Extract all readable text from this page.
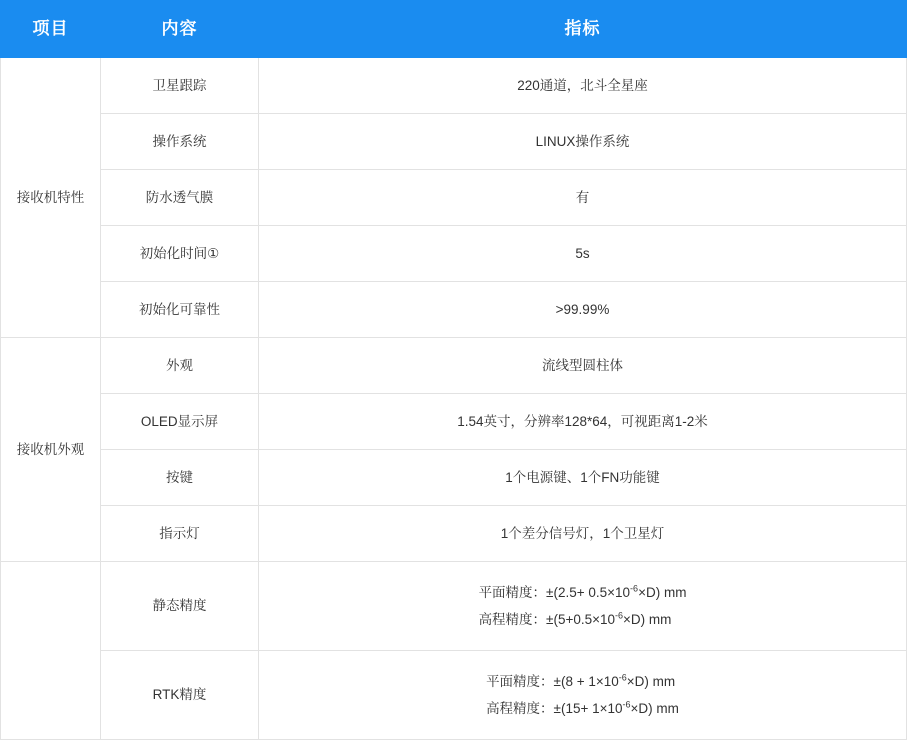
项目	内容	指标
接收机特性	卫星跟踪	220通道，北斗全星座
	操作系统	LINUX操作系统
	防水透气膜	有
	初始化时间①	5s
	初始化可靠性	>99.99%
接收机外观	外观	流线型圆柱体
	OLED显示屏	1.54英寸，分辨率128*64，可视距离1-2米
	按键	1个电源键、1个FN功能键
	指示灯	1个差分信号灯，1个卫星灯
	静态精度	平面精度：$\pm(2.5+ 0.5\times 10^{-6}\times D)$ mm
高程精度：$\pm(5+0.5\times 10^{-6}\times D)$ mm

	RTK精度	平面精度：$\pm(8 + 1\times 10^{-6}\times D)$ mm
高程精度：$\pm(15+ 1\times 10^{-6}\times D)$ mm
